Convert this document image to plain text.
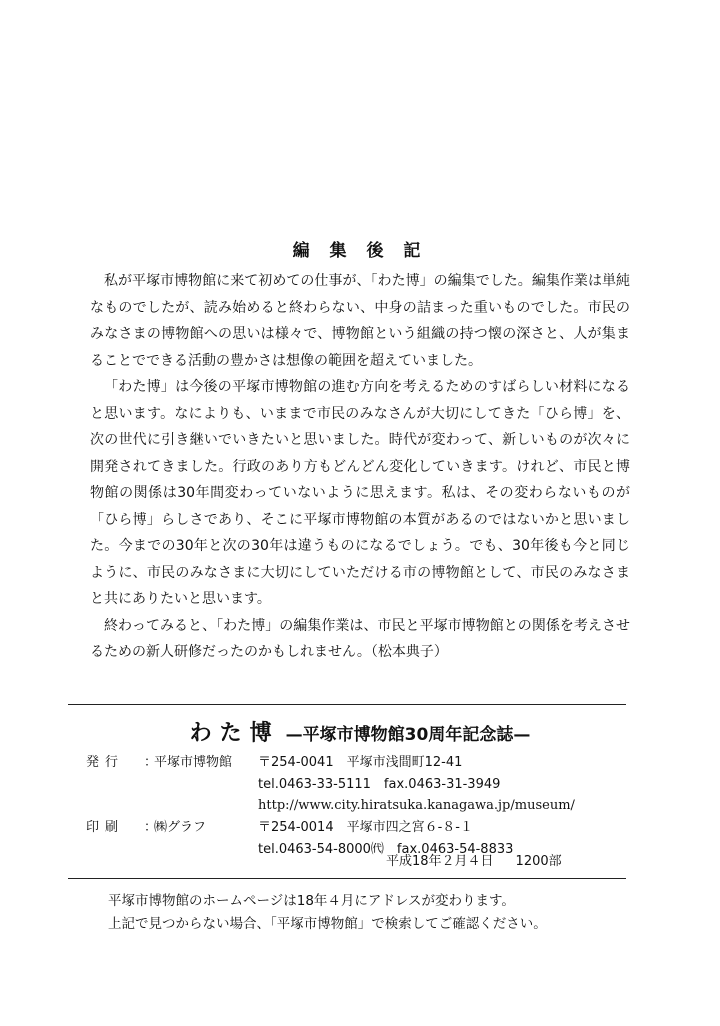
編 集 後 記

私が平塚市博物館に来て初めての仕事が、「わた博」の編集でした。編集作業は単純なものでしたが、読み始めると終わらない、中身の詰まった重いものでした。市民のみなさまの博物館への思いは様々で、博物館という組織の持つ懐の深さと、人が集まることでできる活動の豊かさは想像の範囲を超えていました。

「わた博」は今後の平塚市博物館の進む方向を考えるためのすばらしい材料になると思います。なによりも、いままで市民のみなさんが大切にしてきた「ひら博」を、次の世代に引き継いでいきたいと思いました。時代が変わって、新しいものが次々に開発されてきました。行政のあり方もどんどん変化していきます。けれど、市民と博物館の関係は30年間変わっていないように思えます。私は、その変わらないものが「ひら博」らしさであり、そこに平塚市博物館の本質があるのではないかと思いました。今までの30年と次の30年は違うものになるでしょう。でも、30年後も今と同じように、市民のみなさまに大切にしていただける市の博物館として、市民のみなさまと共にありたいと思います。

終わってみると、「わた博」の編集作業は、市民と平塚市博物館との関係を考えさせるための新人研修だったのかもしれません。（松本典子）

わた博 —平塚市博物館30周年記念誌—
発行	：
平塚市博物館	〒254-0041　平塚市浅間町12-41
tel.0463-33-5111　fax.0463-31-3949
http://www.city.hiratsuka.kanagawa.jp/museum/
印刷	：
㈱グラフ	〒254-0014　平塚市四之宮６-８-１
tel.0463-54-8000㈹　fax.0463-54-8833
平成18年２月４日 1200部
平塚市博物館のホームページは18年４月にアドレスが変わります。
上記で見つからない場合、「平塚市博物館」で検索してご確認ください。
